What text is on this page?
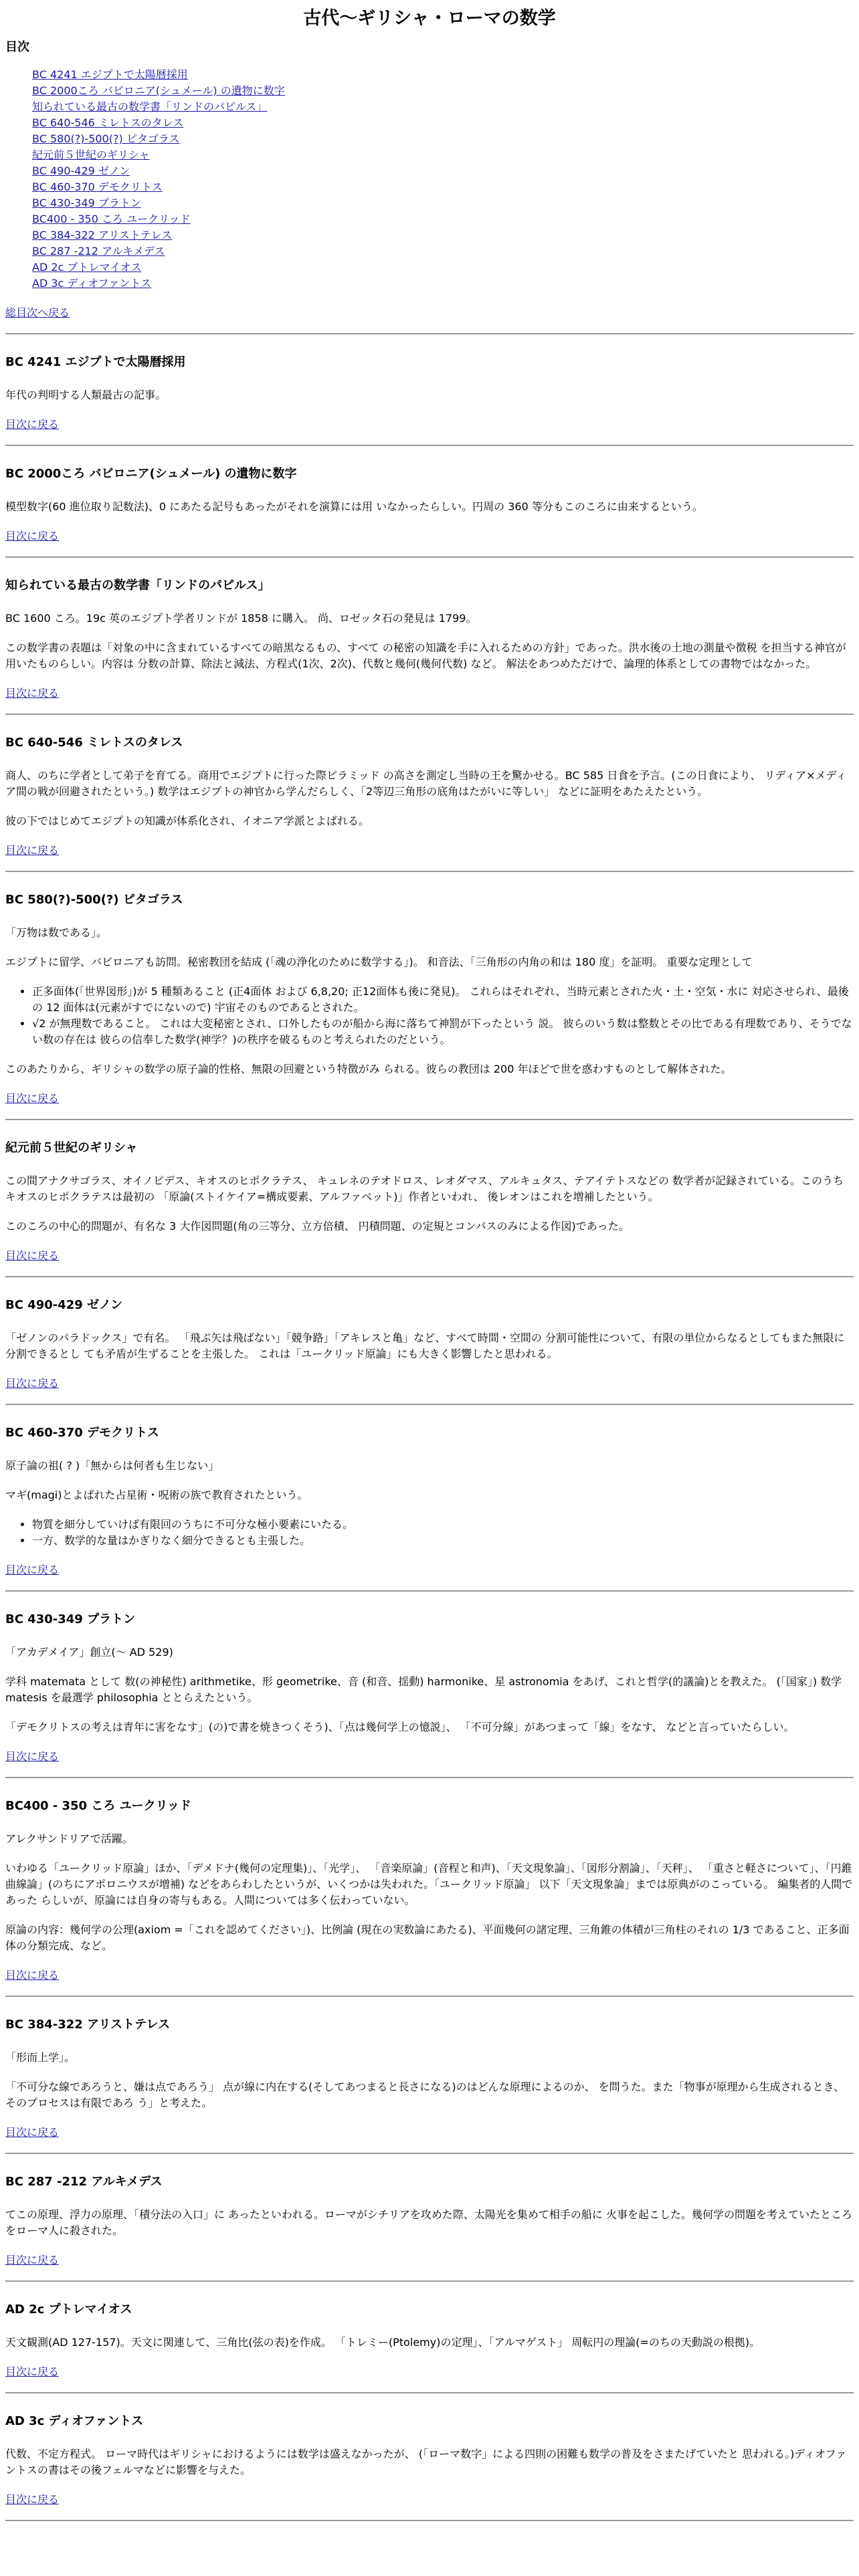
古代〜ギリシャ・ローマの数学
目次
BC 4241 エジプトで太陽暦採用
BC 2000ころ バビロニア(シュメール) の遺物に数字
知られている最古の数学書「リンドのパピルス」
BC 640-546 ミレトスのタレス
BC 580(?)-500(?) ピタゴラス
紀元前５世紀のギリシャ
BC 490-429 ゼノン
BC 460-370 デモクリトス
BC 430-349 プラトン
BC400 - 350 ころ ユークリッド
BC 384-322 アリストテレス
BC 287 -212 アルキメデス
AD 2c プトレマイオス
AD 3c ディオファントス
総目次へ戻る
BC 4241 エジプトで太陽暦採用

年代の判明する人類最古の記事。

目次に戻る
BC 2000ころ バビロニア(シュメール) の遺物に数字

模型数字(60 進位取り記数法)、0 にあたる記号もあったがそれを演算には用 いなかったらしい。円周の 360 等分もこのころに由来するという。

目次に戻る
知られている最古の数学書「リンドのパピルス」

BC 1600 ころ。19c 英のエジプト学者リンドが 1858 に購入。 尚、ロゼッタ石の発見は 1799。

この数学書の表題は「対象の中に含まれているすべての暗黒なるもの、すべて の秘密の知識を手に入れるための方針」であった。洪水後の土地の測量や徴税 を担当する神官が用いたものらしい。内容は 分数の計算、除法と減法、方程式(1次、2次)、代数と幾何(幾何代数) など。 解法をあつめただけで、論理的体系としての書物ではなかった。

目次に戻る
BC 640-546 ミレトスのタレス

商人、のちに学者として弟子を育てる。商用でエジプトに行った際ピラミッド の高さを測定し当時の王を驚かせる。BC 585 日食を予言。(この日食により、 リディア×メディア間の戦が回避されたという。) 数学はエジプトの神官から学んだらしく、「2等辺三角形の底角はたがいに等しい」 などに証明をあたえたという。

彼の下ではじめてエジプトの知識が体系化され、イオニア学派とよばれる。

目次に戻る
BC 580(?)-500(?) ピタゴラス

「万物は数である」。

エジプトに留学、バビロニアも訪問。秘密教団を結成 (「魂の浄化のために数学する」)。 和音法、「三角形の内角の和は 180 度」を証明。 重要な定理として

• 正多面体(「世界図形」)が 5 種類あること (正4面体 および 6,8,20; 正12面体も後に発見)。 これらはそれぞれ、当時元素とされた火・土・空気・水に 対応させられ、最後の 12 面体は(元素がすでにないので) 宇宙そのものであるとされた。
• √2 が無理数であること。 これは大変秘密とされ、口外したものが船から海に落ちて神罰が下ったという 説。 彼らのいう数は整数とその比である有理数であり、そうでない数の存在は 彼らの信奉した数学(神学？)の秩序を破るものと考えられたのだという。

このあたりから、ギリシャの数学の原子論的性格、無限の回避という特徴がみ られる。彼らの教団は 200 年ほどで世を惑わすものとして解体された。

目次に戻る
紀元前５世紀のギリシャ

この間アナクサゴラス、オイノピデス、キオスのヒポクラテス、 キュレネのテオドロス、レオダマス、アルキュタス、テアイテトスなどの 数学者が記録されている。このうちキオスのヒポクラテスは最初の 「原論(ストイケイア=構成要素、アルファベット)」作者といわれ、 後レオンはこれを増補したという。

このころの中心的問題が、有名な 3 大作図問題(角の三等分、立方倍積、 円積問題、の定規とコンパスのみによる作図)であった。

目次に戻る
BC 490-429 ゼノン

「ゼノンのパラドックス」で有名。 「飛ぶ矢は飛ばない」「競争路」「アキレスと亀」など、すべて時間・空間の 分割可能性について、有限の単位からなるとしてもまた無限に分割できるとし ても矛盾が生ずることを主張した。 これは「ユークリッド原論」にも大きく影響したと思われる。

目次に戻る
BC 460-370 デモクリトス

原子論の祖( ? )「無からは何者も生じない」

マギ(magi)とよばれた占星術・呪術の族で教育されたという。

• 物質を細分していけば有限回のうちに不可分な極小要素にいたる。
• 一方、数学的な量はかぎりなく細分できるとも主張した。
目次に戻る
BC 430-349 プラトン

「アカデメイア」創立(〜 AD 529)

学科 matemata として 数(の神秘性) arithmetike、形 geometrike、音 (和音、揺動) harmonike、星 astronomia をあげ、これと哲学(的議論)とを教えた。 (「国家」) 数学 matesis を最選学 philosophia ととらえたという。

「デモクリトスの考えは青年に害をなす」(の)で書を焼きつくそう)、「点は幾何学上の憶説」、 「不可分線」があつまって「線」をなす、 などと言っていたらしい。

目次に戻る
BC400 - 350 ころ ユークリッド

アレクサンドリアで活躍。

いわゆる「ユークリッド原論」ほか、「デメドナ(幾何の定理集)」、「光学」、 「音楽原論」(音程と和声)、「天文現象論」、「図形分割論」、「天秤」、 「重さと軽さについて」、「円錐曲線論」(のちにアポロニウスが増補) などをあらわしたというが、いくつかは失われた。「ユークリッド原論」 以下「天文現象論」までは原典がのこっている。 編集者的人間であった らしいが、原論には自身の寄与もある。人間については多く伝わっていない。

原論の内容：幾何学の公理(axiom =「これを認めてください」)、比例論 (現在の実数論にあたる)、平面幾何の諸定理、三角錐の体積が三角柱のそれの 1/3 であること、正多面体の分類完成、など。

目次に戻る
BC 384-322 アリストテレス

「形而上学」。

「不可分な線であろうと、嫌は点であろう」 点が線に内在する(そしてあつまると長さになる)のはどんな原理によるのか、 を問うた。また「物事が原理から生成されるとき、そのプロセスは有限であろ う」と考えた。

目次に戻る
BC 287 -212 アルキメデス

てこの原理、浮力の原理、「積分法の入口」に あったといわれる。ローマがシチリアを攻めた際、太陽光を集めて相手の船に 火事を起こした。幾何学の問題を考えていたところをローマ人に殺された。

目次に戻る
AD 2c プトレマイオス

天文観測(AD 127-157)。天文に関連して、三角比(弦の表)を作成。 「トレミー(Ptolemy)の定理」、「アルマゲスト」 周転円の理論(=のちの天動説の根拠)。

目次に戻る
AD 3c ディオファントス

代数、不定方程式。 ローマ時代はギリシャにおけるようには数学は盛えなかったが、 (「ローマ数字」による四則の困難も数学の普及をさまたげていたと 思われる。)ディオファントスの書はその後フェルマなどに影響を与えた。

目次に戻る
